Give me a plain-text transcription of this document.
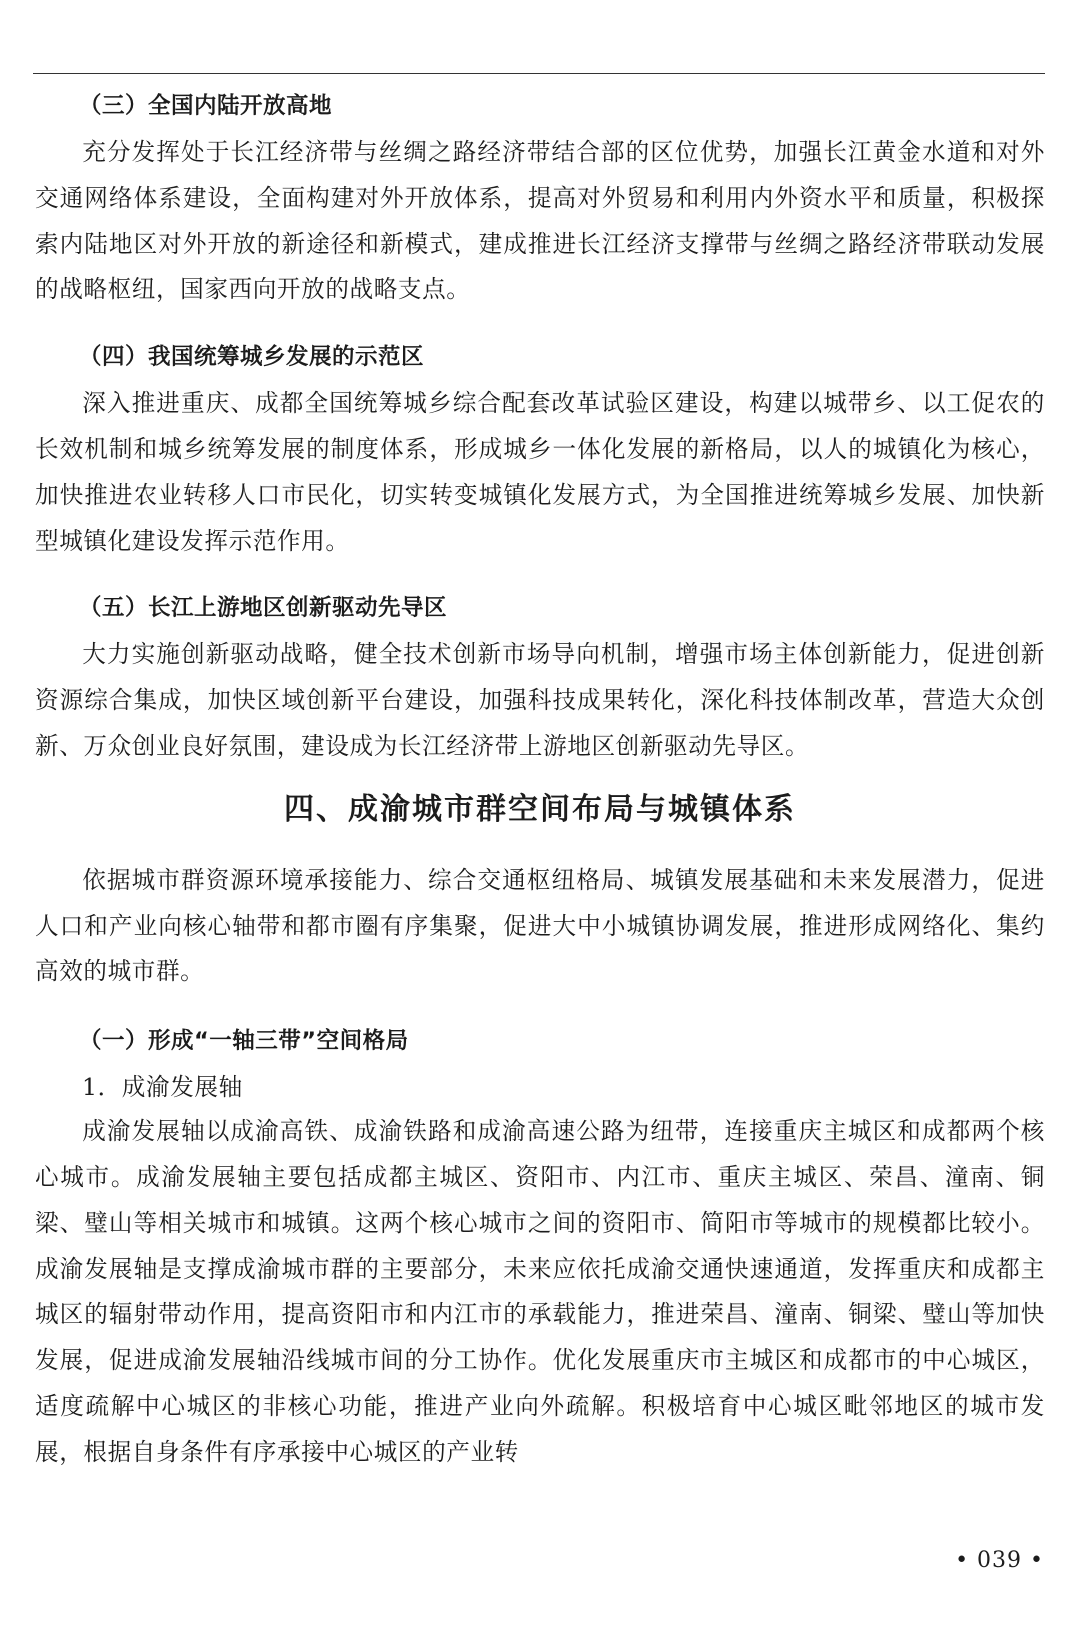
（三）全国内陆开放高地

充分发挥处于长江经济带与丝绸之路经济带结合部的区位优势，加强长江黄金水道和对外交通网络体系建设，全面构建对外开放体系，提高对外贸易和利用内外资水平和质量，积极探索内陆地区对外开放的新途径和新模式，建成推进长江经济支撑带与丝绸之路经济带联动发展的战略枢纽，国家西向开放的战略支点。

（四）我国统筹城乡发展的示范区

深入推进重庆、成都全国统筹城乡综合配套改革试验区建设，构建以城带乡、以工促农的长效机制和城乡统筹发展的制度体系，形成城乡一体化发展的新格局，以人的城镇化为核心，加快推进农业转移人口市民化，切实转变城镇化发展方式，为全国推进统筹城乡发展、加快新型城镇化建设发挥示范作用。

（五）长江上游地区创新驱动先导区

大力实施创新驱动战略，健全技术创新市场导向机制，增强市场主体创新能力，促进创新资源综合集成，加快区域创新平台建设，加强科技成果转化，深化科技体制改革，营造大众创新、万众创业良好氛围，建设成为长江经济带上游地区创新驱动先导区。

四、成渝城市群空间布局与城镇体系

依据城市群资源环境承接能力、综合交通枢纽格局、城镇发展基础和未来发展潜力，促进人口和产业向核心轴带和都市圈有序集聚，促进大中小城镇协调发展，推进形成网络化、集约高效的城市群。

（一）形成“一轴三带”空间格局

1．成渝发展轴

成渝发展轴以成渝高铁、成渝铁路和成渝高速公路为纽带，连接重庆主城区和成都两个核心城市。成渝发展轴主要包括成都主城区、资阳市、内江市、重庆主城区、荣昌、潼南、铜梁、璧山等相关城市和城镇。这两个核心城市之间的资阳市、简阳市等城市的规模都比较小。成渝发展轴是支撑成渝城市群的主要部分，未来应依托成渝交通快速通道，发挥重庆和成都主城区的辐射带动作用，提高资阳市和内江市的承载能力，推进荣昌、潼南、铜梁、璧山等加快发展，促进成渝发展轴沿线城市间的分工协作。优化发展重庆市主城区和成都市的中心城区，适度疏解中心城区的非核心功能，推进产业向外疏解。积极培育中心城区毗邻地区的城市发展，根据自身条件有序承接中心城区的产业转

• 039 •
